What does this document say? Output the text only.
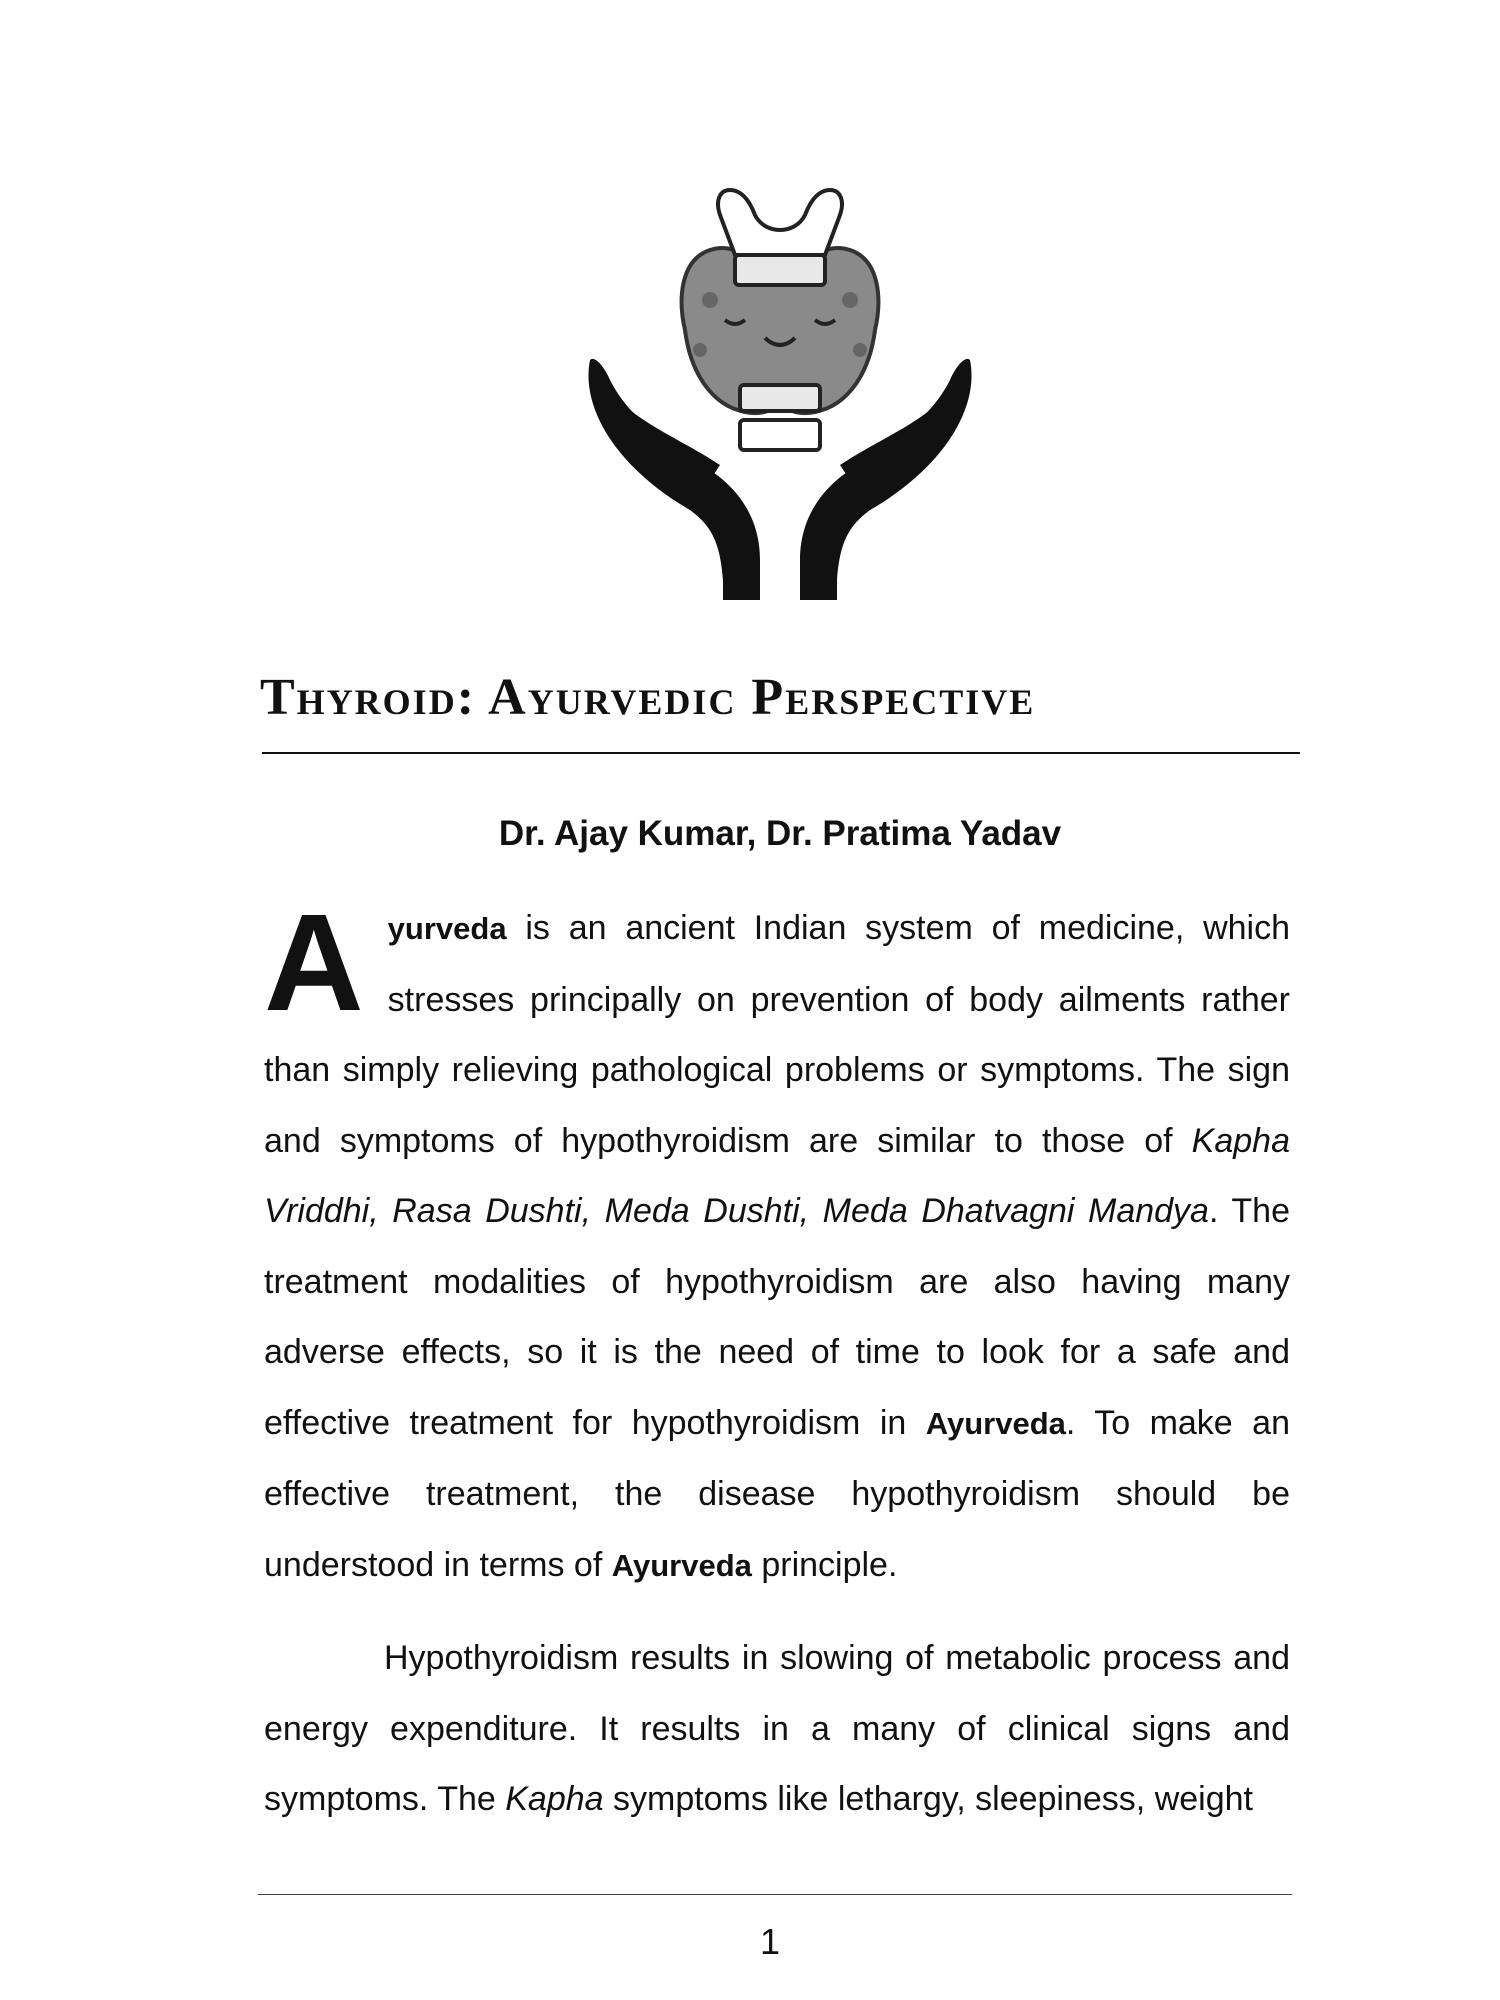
Thyroid: Ayurvedic Perspective

Dr. Ajay Kumar, Dr. Pratima Yadav

Ayurveda is an ancient Indian system of medicine, which stresses principally on prevention of body ailments rather than simply relieving pathological problems or symptoms. The sign and symptoms of hypothyroidism are similar to those of Kapha Vriddhi, Rasa Dushti, Meda Dushti, Meda Dhatvagni Mandya. The treatment modalities of hypothyroidism are also having many adverse effects, so it is the need of time to look for a safe and effective treatment for hypothyroidism in Ayurveda. To make an effective treatment, the disease hypothyroidism should be understood in terms of Ayurveda principle.

Hypothyroidism results in slowing of metabolic process and energy expenditure. It results in a many of clinical signs and symptoms. The Kapha symptoms like lethargy, sleepiness, weight

1
